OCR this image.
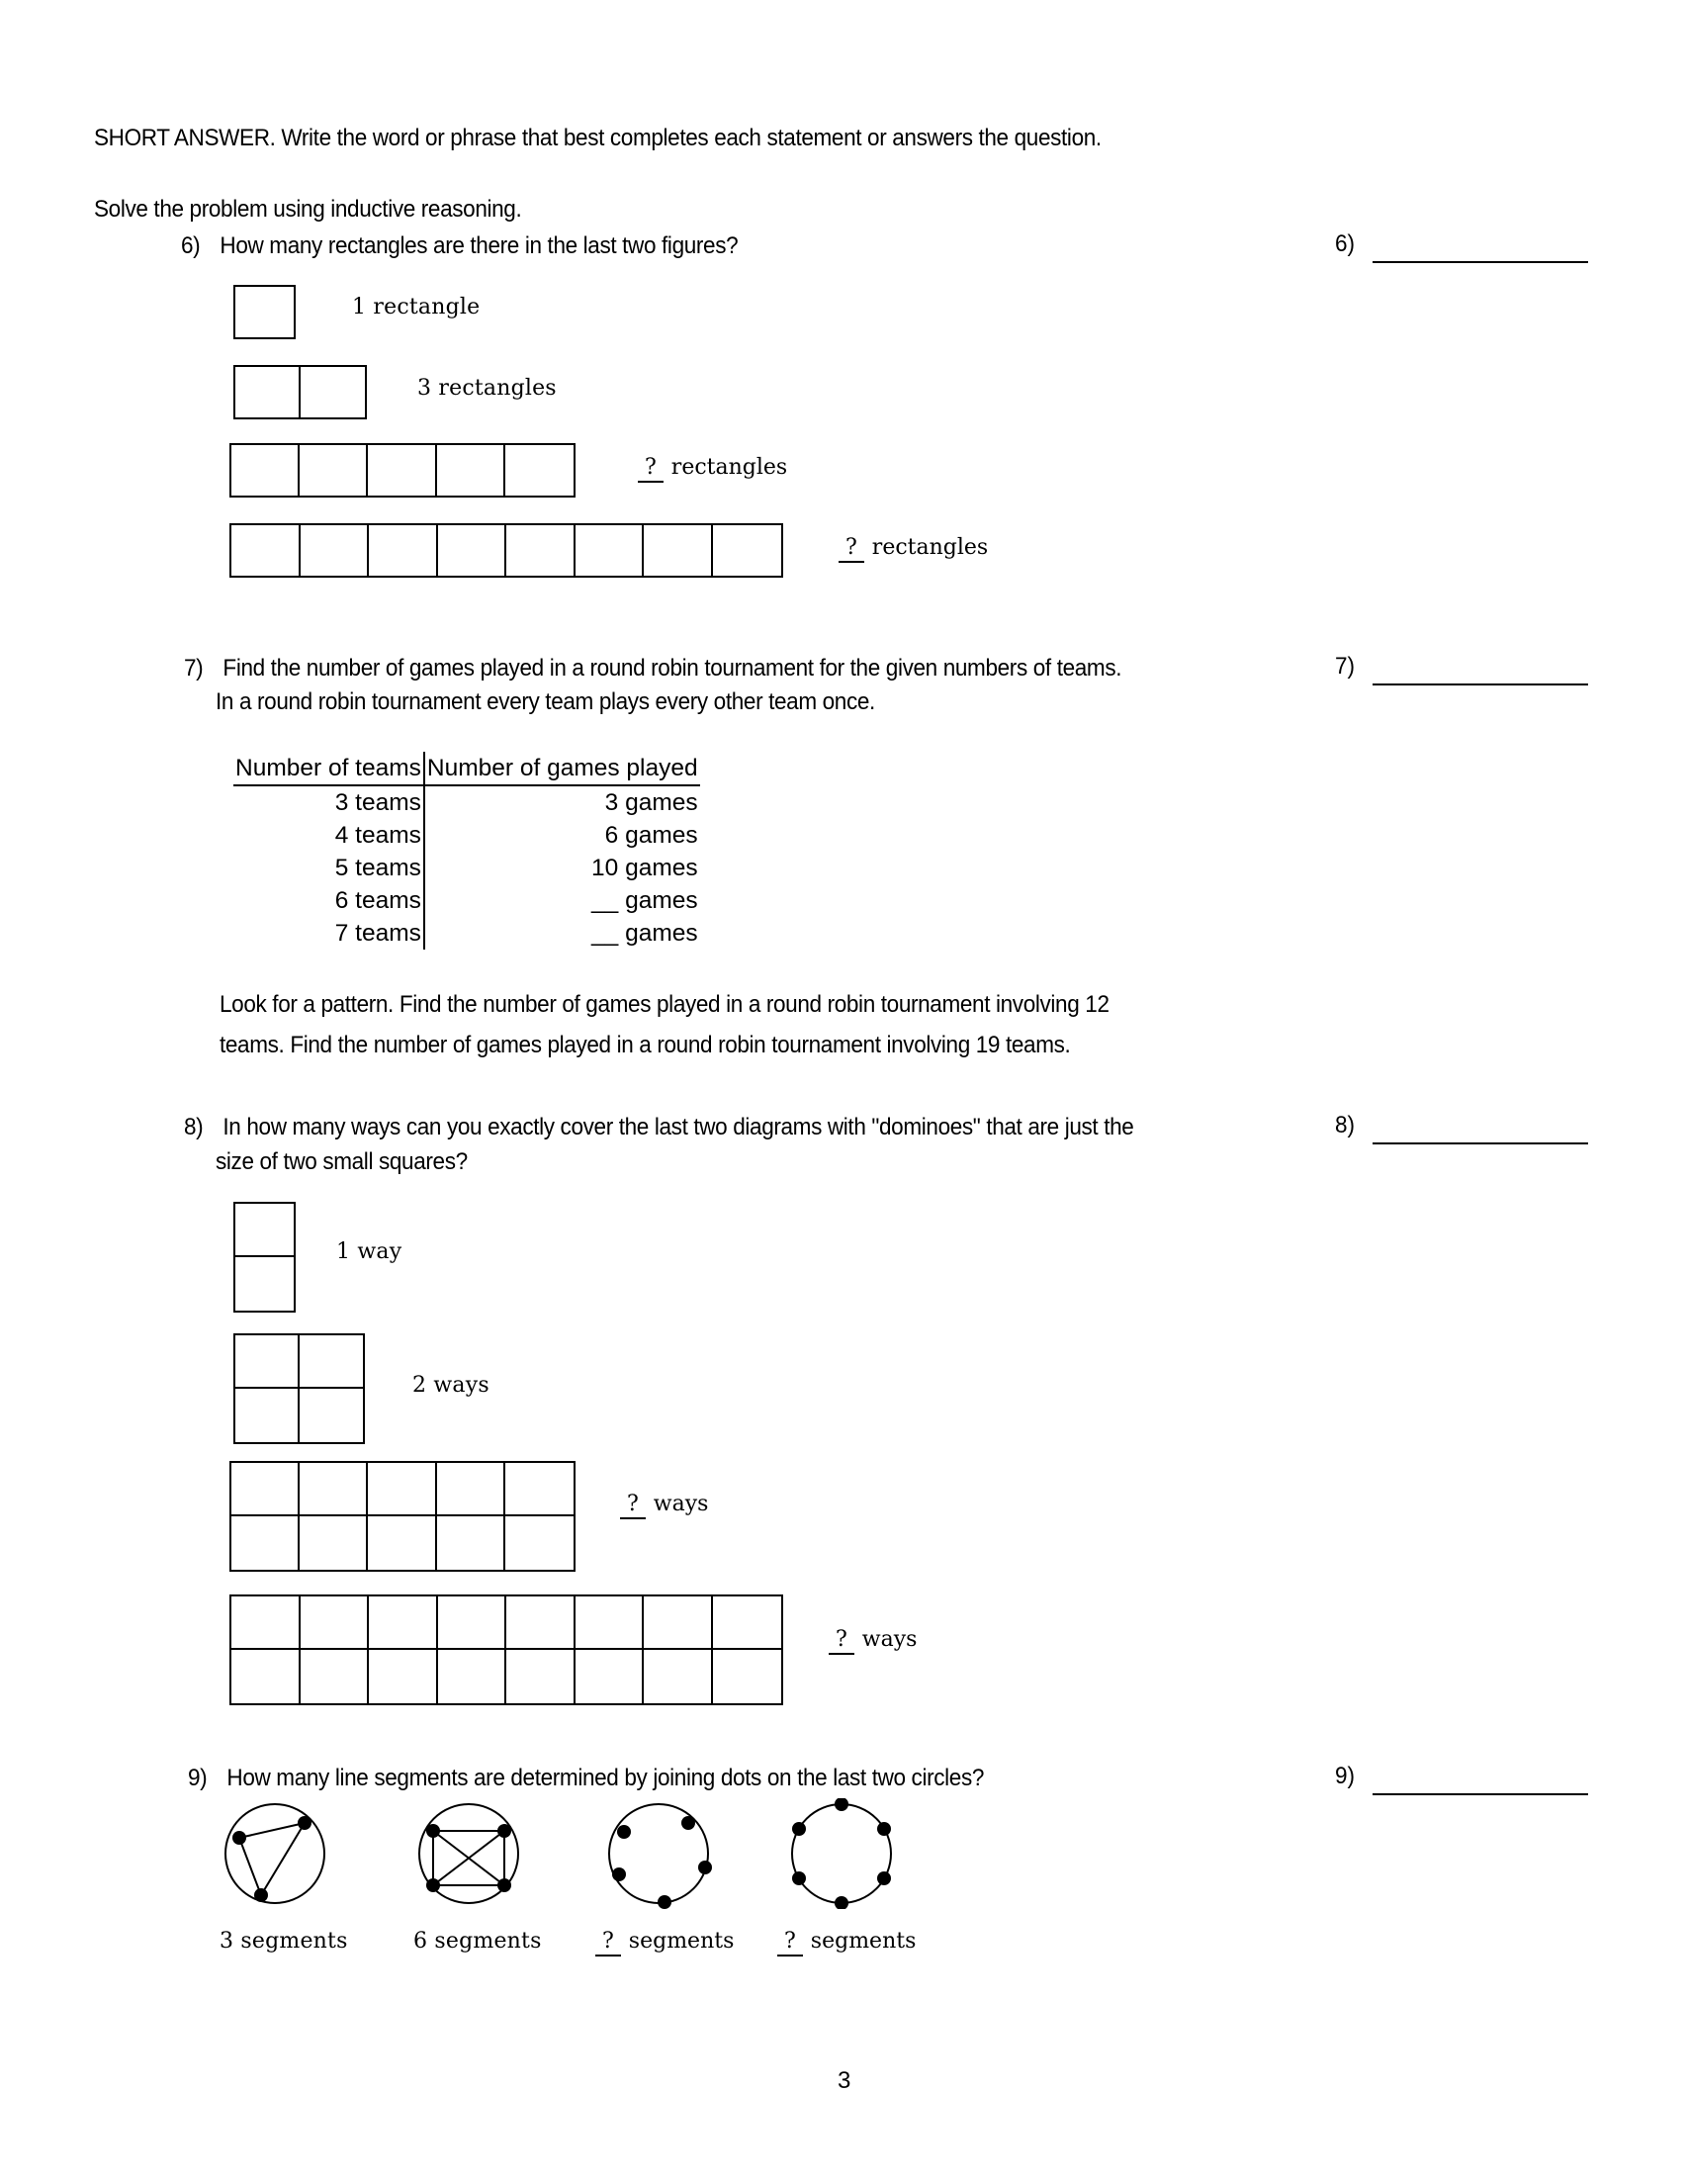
SHORT ANSWER. Write the word or phrase that best completes each statement or answers the question.
Solve the problem using inductive reasoning.
6) How many rectangles are there in the last two figures?	6)
1 rectangle
3 rectangles
? rectangles
? rectangles
7) Find the number of games played in a round robin tournament for the given numbers of teams.
In a round robin tournament every team plays every other team once.
7)
Number of teams	Number of games played
3 teams	3 games
4 teams	6 games
5 teams	10 games
6 teams	__ games
7 teams	__ games
Look for a pattern. Find the number of games played in a round robin tournament involving 12
teams. Find the number of games played in a round robin tournament involving 19 teams.
8) In how many ways can you exactly cover the last two diagrams with "dominoes" that are just the
size of two small squares?
8)
1 way
2 ways
? ways
? ways
9) How many line segments are determined by joining dots on the last two circles?	9)
3 segments	6 segments	? segments	? segments
3
